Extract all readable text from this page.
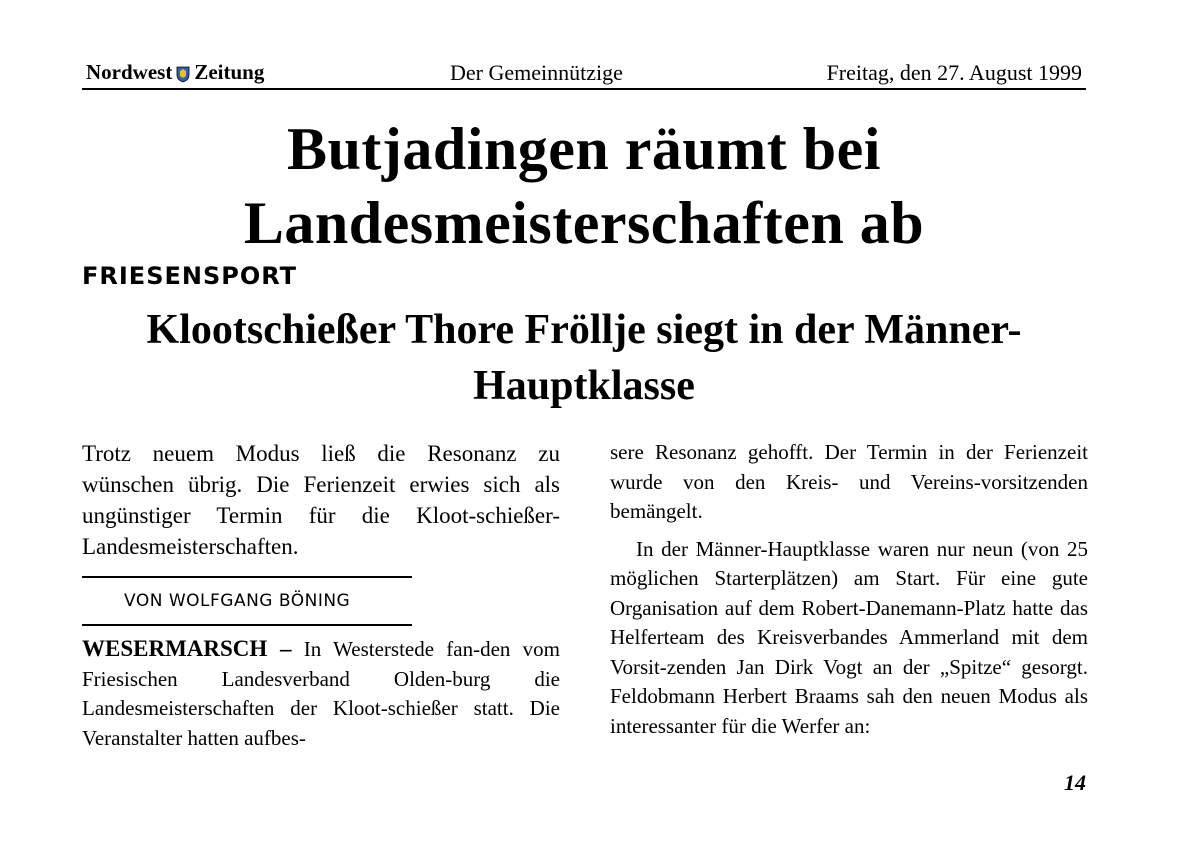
Nordwest Zeitung	Der Gemeinnützige	Freitag, den 27. August 1999
Butjadingen räumt bei Landesmeisterschaften ab
FRIESENSPORT
Klootschießer Thore Fröllje siegt in der Männer-Hauptklasse
Trotz neuem Modus ließ die Resonanz zu wünschen übrig. Die Ferienzeit erwies sich als ungünstiger Termin für die Kloot-schießer-Landesmeisterschaften.
VON WOLFGANG BÖNING

WESERMARSCH – In Westerstede fan-den vom Friesischen Landesverband Olden-burg die Landesmeisterschaften der Kloot-schießer statt. Die Veranstalter hatten aufbes-

sere Resonanz gehofft. Der Termin in der Ferienzeit wurde von den Kreis- und Vereins-vorsitzenden bemängelt.

In der Männer-Hauptklasse waren nur neun (von 25 möglichen Starterplätzen) am Start. Für eine gute Organisation auf dem Robert-Danemann-Platz hatte das Helferteam des Kreisverbandes Ammerland mit dem Vorsit-zenden Jan Dirk Vogt an der „Spitze“ gesorgt. Feldobmann Herbert Braams sah den neuen Modus als interessanter für die Werfer an:

14
